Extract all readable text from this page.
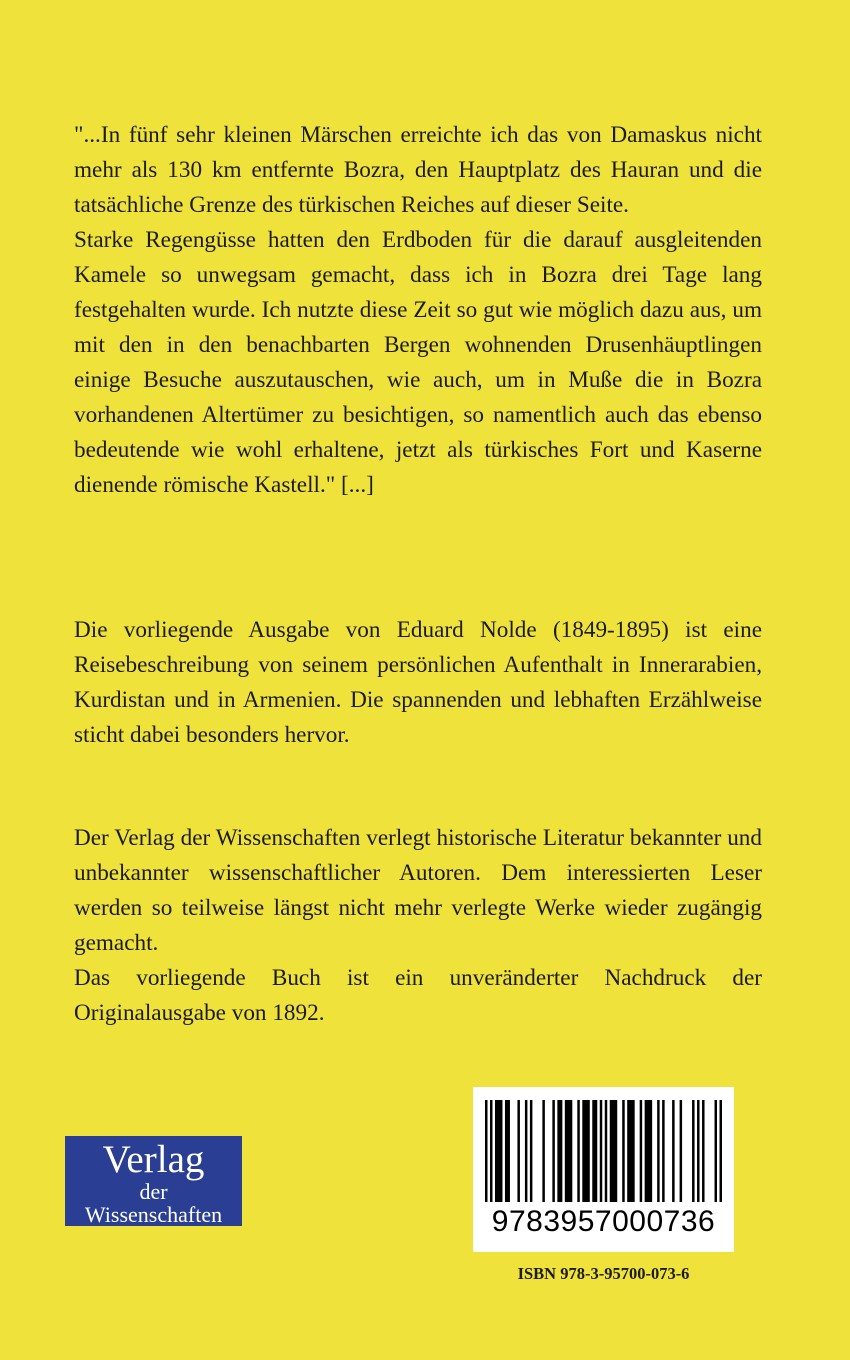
"...In fünf sehr kleinen Märschen erreichte ich das von Damaskus nicht mehr als 130 km entfernte Bozra, den Hauptplatz des Hauran und die tatsächliche Grenze des türkischen Reiches auf dieser Seite.

Starke Regengüsse hatten den Erdboden für die darauf ausgleitenden Kamele so unwegsam gemacht, dass ich in Bozra drei Tage lang festgehalten wurde. Ich nutzte diese Zeit so gut wie möglich dazu aus, um mit den in den benachbarten Bergen wohnenden Drusenhäuptlingen einige Besuche auszutauschen, wie auch, um in Muße die in Bozra vorhandenen Altertümer zu besichtigen, so namentlich auch das ebenso bedeutende wie wohl erhaltene, jetzt als türkisches Fort und Kaserne dienende römische Kastell." [...]

Die vorliegende Ausgabe von Eduard Nolde (1849-1895) ist eine Reisebeschreibung von seinem persönlichen Aufenthalt in Innerarabien, Kurdistan und in Armenien. Die spannenden und lebhaften Erzählweise sticht dabei besonders hervor.

Der Verlag der Wissenschaften verlegt historische Literatur bekannter und unbekannter wissenschaftlicher Autoren. Dem interessierten Leser werden so teilweise längst nicht mehr verlegte Werke wieder zugängig gemacht.

Das vorliegende Buch ist ein unveränderter Nachdruck der Originalausgabe von 1892.

Verlag
der
Wissenschaften	9783957000736
ISBN 978-3-95700-073-6
